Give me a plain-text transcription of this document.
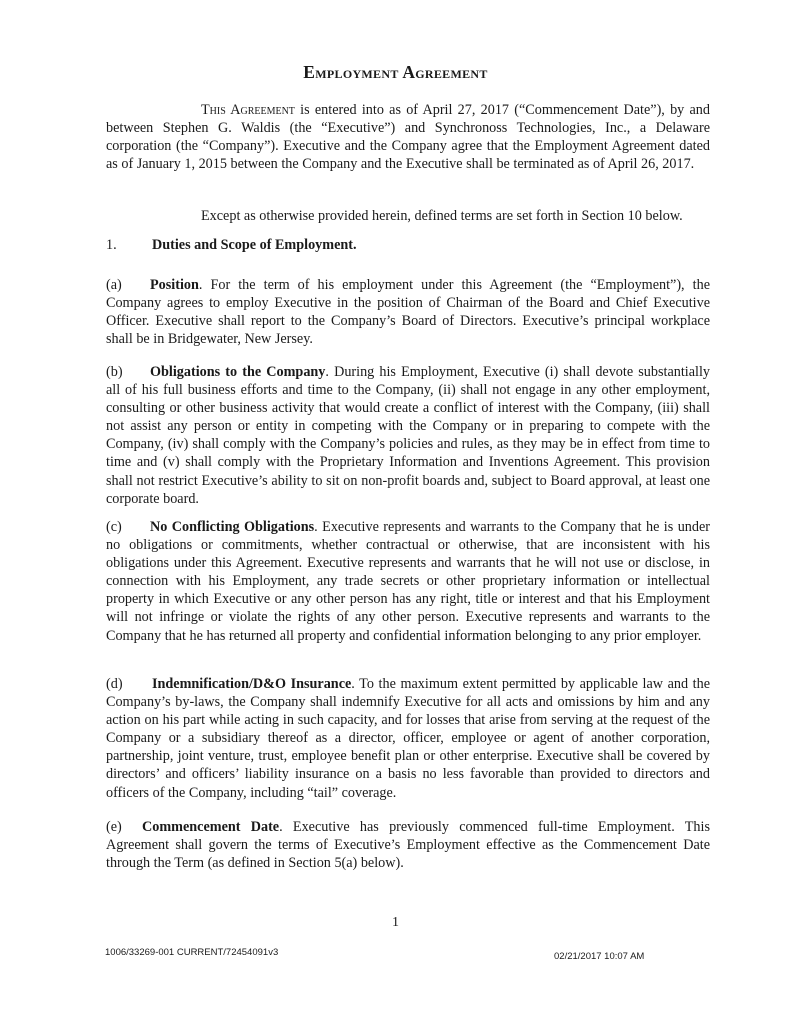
Employment Agreement
This Agreement is entered into as of April 27, 2017 (“Commencement Date”), by and between Stephen G. Waldis (the “Executive”) and Synchronoss Technologies, Inc., a Delaware corporation (the “Company”). Executive and the Company agree that the Employment Agreement dated as of January 1, 2015 between the Company and the Executive shall be terminated as of April 26, 2017.
Except as otherwise provided herein, defined terms are set forth in Section 10 below.
1. Duties and Scope of Employment.
(a) Position. For the term of his employment under this Agreement (the “Employment”), the Company agrees to employ Executive in the position of Chairman of the Board and Chief Executive Officer. Executive shall report to the Company’s Board of Directors. Executive’s principal workplace shall be in Bridgewater, New Jersey.
(b) Obligations to the Company. During his Employment, Executive (i) shall devote substantially all of his full business efforts and time to the Company, (ii) shall not engage in any other employment, consulting or other business activity that would create a conflict of interest with the Company, (iii) shall not assist any person or entity in competing with the Company or in preparing to compete with the Company, (iv) shall comply with the Company’s policies and rules, as they may be in effect from time to time and (v) shall comply with the Proprietary Information and Inventions Agreement. This provision shall not restrict Executive’s ability to sit on non-profit boards and, subject to Board approval, at least one corporate board.
(c) No Conflicting Obligations. Executive represents and warrants to the Company that he is under no obligations or commitments, whether contractual or otherwise, that are inconsistent with his obligations under this Agreement. Executive represents and warrants that he will not use or disclose, in connection with his Employment, any trade secrets or other proprietary information or intellectual property in which Executive or any other person has any right, title or interest and that his Employment will not infringe or violate the rights of any other person. Executive represents and warrants to the Company that he has returned all property and confidential information belonging to any prior employer.
(d) Indemnification/D&O Insurance. To the maximum extent permitted by applicable law and the Company’s by-laws, the Company shall indemnify Executive for all acts and omissions by him and any action on his part while acting in such capacity, and for losses that arise from serving at the request of the Company or a subsidiary thereof as a director, officer, employee or agent of another corporation, partnership, joint venture, trust, employee benefit plan or other enterprise. Executive shall be covered by directors’ and officers’ liability insurance on a basis no less favorable than provided to directors and officers of the Company, including “tail” coverage.
(e) Commencement Date. Executive has previously commenced full-time Employment. This Agreement shall govern the terms of Executive’s Employment effective as the Commencement Date through the Term (as defined in Section 5(a) below).
1
1006/33269-001 CURRENT/72454091v3	02/21/2017 10:07 AM
